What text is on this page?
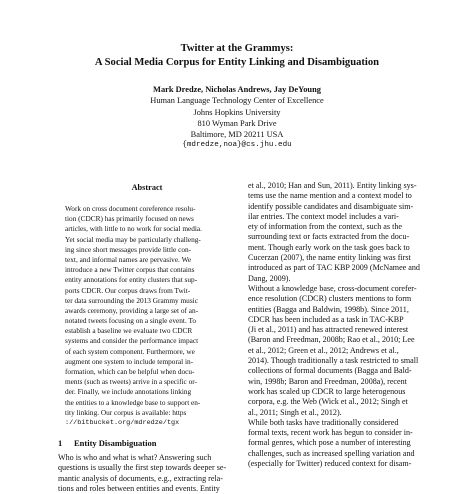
Twitter at the Grammys:
A Social Media Corpus for Entity Linking and Disambiguation
Mark Dredze, Nicholas Andrews, Jay DeYoung
Human Language Technology Center of Excellence
Johns Hopkins University
810 Wyman Park Drive
Baltimore, MD 20211 USA
{mdredze,noa}@cs.jhu.edu
Abstract
Work on cross document coreference resolu-
tion (CDCR) has primarily focused on news
articles, with little to no work for social media.
Yet social media may be particularly challeng-
ing since short messages provide little con-
text, and informal names are pervasive. We
introduce a new Twitter corpus that contains
entity annotations for entity clusters that sup-
ports CDCR. Our corpus draws from Twit-
ter data surrounding the 2013 Grammy music
awards ceremony, providing a large set of an-
notated tweets focusing on a single event. To
establish a baseline we evaluate two CDCR
systems and consider the performance impact
of each system component. Furthermore, we
augment one system to include temporal in-
formation, which can be helpful when docu-
ments (such as tweets) arrive in a specific or-
der. Finally, we include annotations linking
the entities to a knowledge base to support en-
tity linking. Our corpus is available: https
://bitbucket.org/mdredze/tgx
1 Entity Disambiguation
Who is who and what is what? Answering such
questions is usually the first step towards deeper se-
mantic analysis of documents, e.g., extracting rela-
tions and roles between entities and events. Entity
et al., 2010; Han and Sun, 2011). Entity linking sys-
tems use the name mention and a context model to
identify possible candidates and disambiguate sim-
ilar entries. The context model includes a vari-
ety of information from the context, such as the
surrounding text or facts extracted from the docu-
ment. Though early work on the task goes back to
Cucerzan (2007), the name entity linking was first
introduced as part of TAC KBP 2009 (McNamee and
Dang, 2009).
Without a knowledge base, cross-document corefer-
ence resolution (CDCR) clusters mentions to form
entities (Bagga and Baldwin, 1998b). Since 2011,
CDCR has been included as a task in TAC-KBP
(Ji et al., 2011) and has attracted renewed interest
(Baron and Freedman, 2008b; Rao et al., 2010; Lee
et al., 2012; Green et al., 2012; Andrews et al.,
2014). Though traditionally a task restricted to small
collections of formal documents (Bagga and Bald-
win, 1998b; Baron and Freedman, 2008a), recent
work has scaled up CDCR to large heterogenous
corpora, e.g. the Web (Wick et al., 2012; Singh et
al., 2011; Singh et al., 2012).
While both tasks have traditionally considered
formal texts, recent work has begun to consider in-
formal genres, which pose a number of interesting
challenges, such as increased spelling variation and
(especially for Twitter) reduced context for disam-
